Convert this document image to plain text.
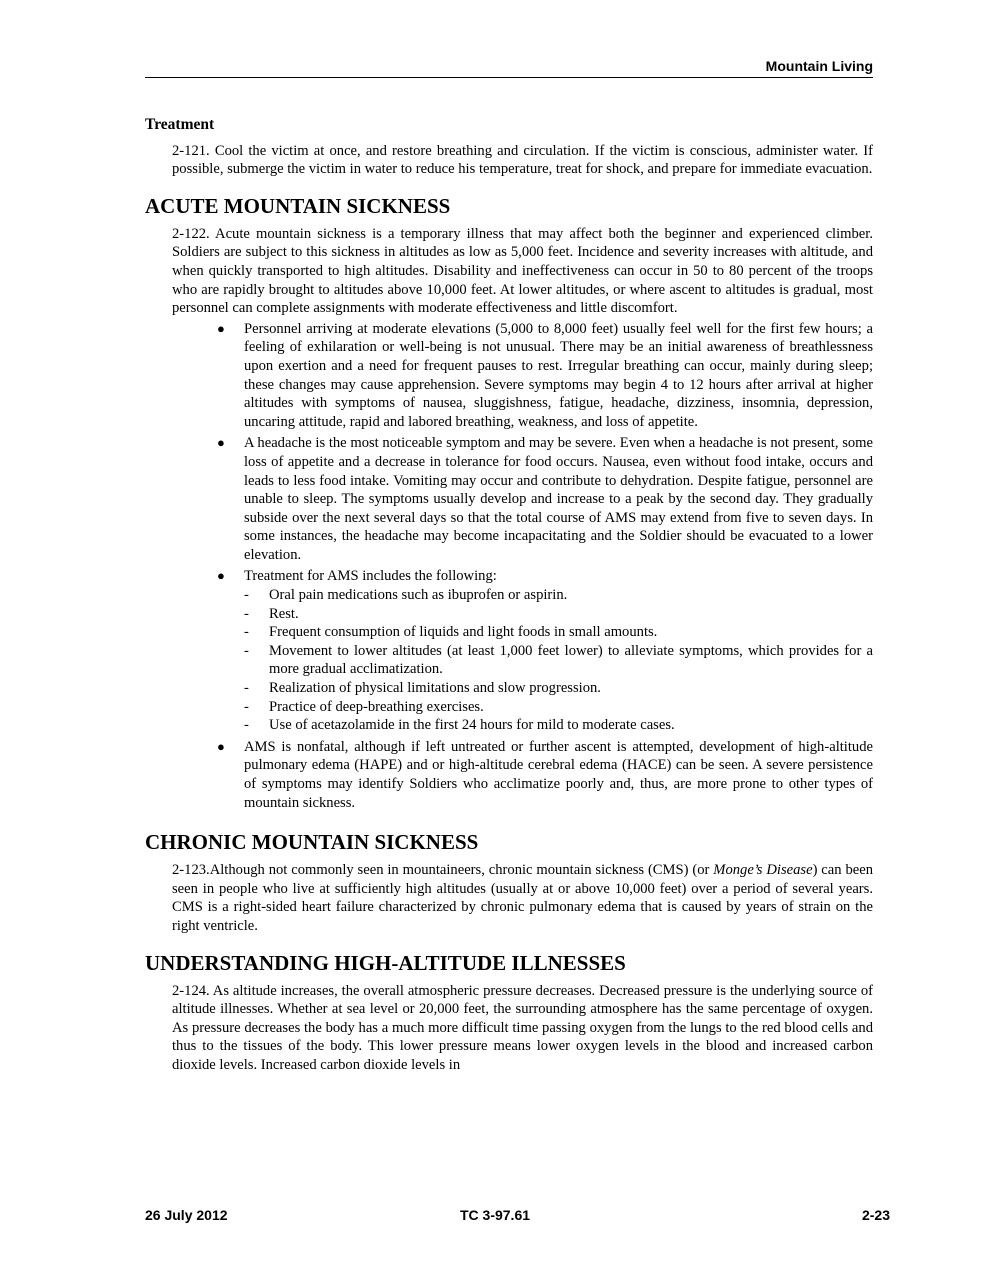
Mountain Living
Treatment

2-121. Cool the victim at once, and restore breathing and circulation. If the victim is conscious, administer water. If possible, submerge the victim in water to reduce his temperature, treat for shock, and prepare for immediate evacuation.

ACUTE MOUNTAIN SICKNESS

2-122. Acute mountain sickness is a temporary illness that may affect both the beginner and experienced climber. Soldiers are subject to this sickness in altitudes as low as 5,000 feet. Incidence and severity increases with altitude, and when quickly transported to high altitudes. Disability and ineffectiveness can occur in 50 to 80 percent of the troops who are rapidly brought to altitudes above 10,000 feet. At lower altitudes, or where ascent to altitudes is gradual, most personnel can complete assignments with moderate effectiveness and little discomfort.

● Personnel arriving at moderate elevations (5,000 to 8,000 feet) usually feel well for the first few hours; a feeling of exhilaration or well-being is not unusual. There may be an initial awareness of breathlessness upon exertion and a need for frequent pauses to rest. Irregular breathing can occur, mainly during sleep; these changes may cause apprehension. Severe symptoms may begin 4 to 12 hours after arrival at higher altitudes with symptoms of nausea, sluggishness, fatigue, headache, dizziness, insomnia, depression, uncaring attitude, rapid and labored breathing, weakness, and loss of appetite.
● A headache is the most noticeable symptom and may be severe. Even when a headache is not present, some loss of appetite and a decrease in tolerance for food occurs. Nausea, even without food intake, occurs and leads to less food intake. Vomiting may occur and contribute to dehydration. Despite fatigue, personnel are unable to sleep. The symptoms usually develop and increase to a peak by the second day. They gradually subside over the next several days so that the total course of AMS may extend from five to seven days. In some instances, the headache may become incapacitating and the Soldier should be evacuated to a lower elevation.
● Treatment for AMS includes the following:
- Oral pain medications such as ibuprofen or aspirin.
- Rest.
- Frequent consumption of liquids and light foods in small amounts.
- Movement to lower altitudes (at least 1,000 feet lower) to alleviate symptoms, which provides for a more gradual acclimatization.
- Realization of physical limitations and slow progression.
- Practice of deep-breathing exercises.
- Use of acetazolamide in the first 24 hours for mild to moderate cases.
● AMS is nonfatal, although if left untreated or further ascent is attempted, development of high-altitude pulmonary edema (HAPE) and or high-altitude cerebral edema (HACE) can be seen. A severe persistence of symptoms may identify Soldiers who acclimatize poorly and, thus, are more prone to other types of mountain sickness.
CHRONIC MOUNTAIN SICKNESS

2-123.Although not commonly seen in mountaineers, chronic mountain sickness (CMS) (or Monge’s Disease) can been seen in people who live at sufficiently high altitudes (usually at or above 10,000 feet) over a period of several years. CMS is a right-sided heart failure characterized by chronic pulmonary edema that is caused by years of strain on the right ventricle.

UNDERSTANDING HIGH-ALTITUDE ILLNESSES

2-124. As altitude increases, the overall atmospheric pressure decreases. Decreased pressure is the underlying source of altitude illnesses. Whether at sea level or 20,000 feet, the surrounding atmosphere has the same percentage of oxygen. As pressure decreases the body has a much more difficult time passing oxygen from the lungs to the red blood cells and thus to the tissues of the body. This lower pressure means lower oxygen levels in the blood and increased carbon dioxide levels. Increased carbon dioxide levels in

26 July 2012	TC 3-97.61	2-23
